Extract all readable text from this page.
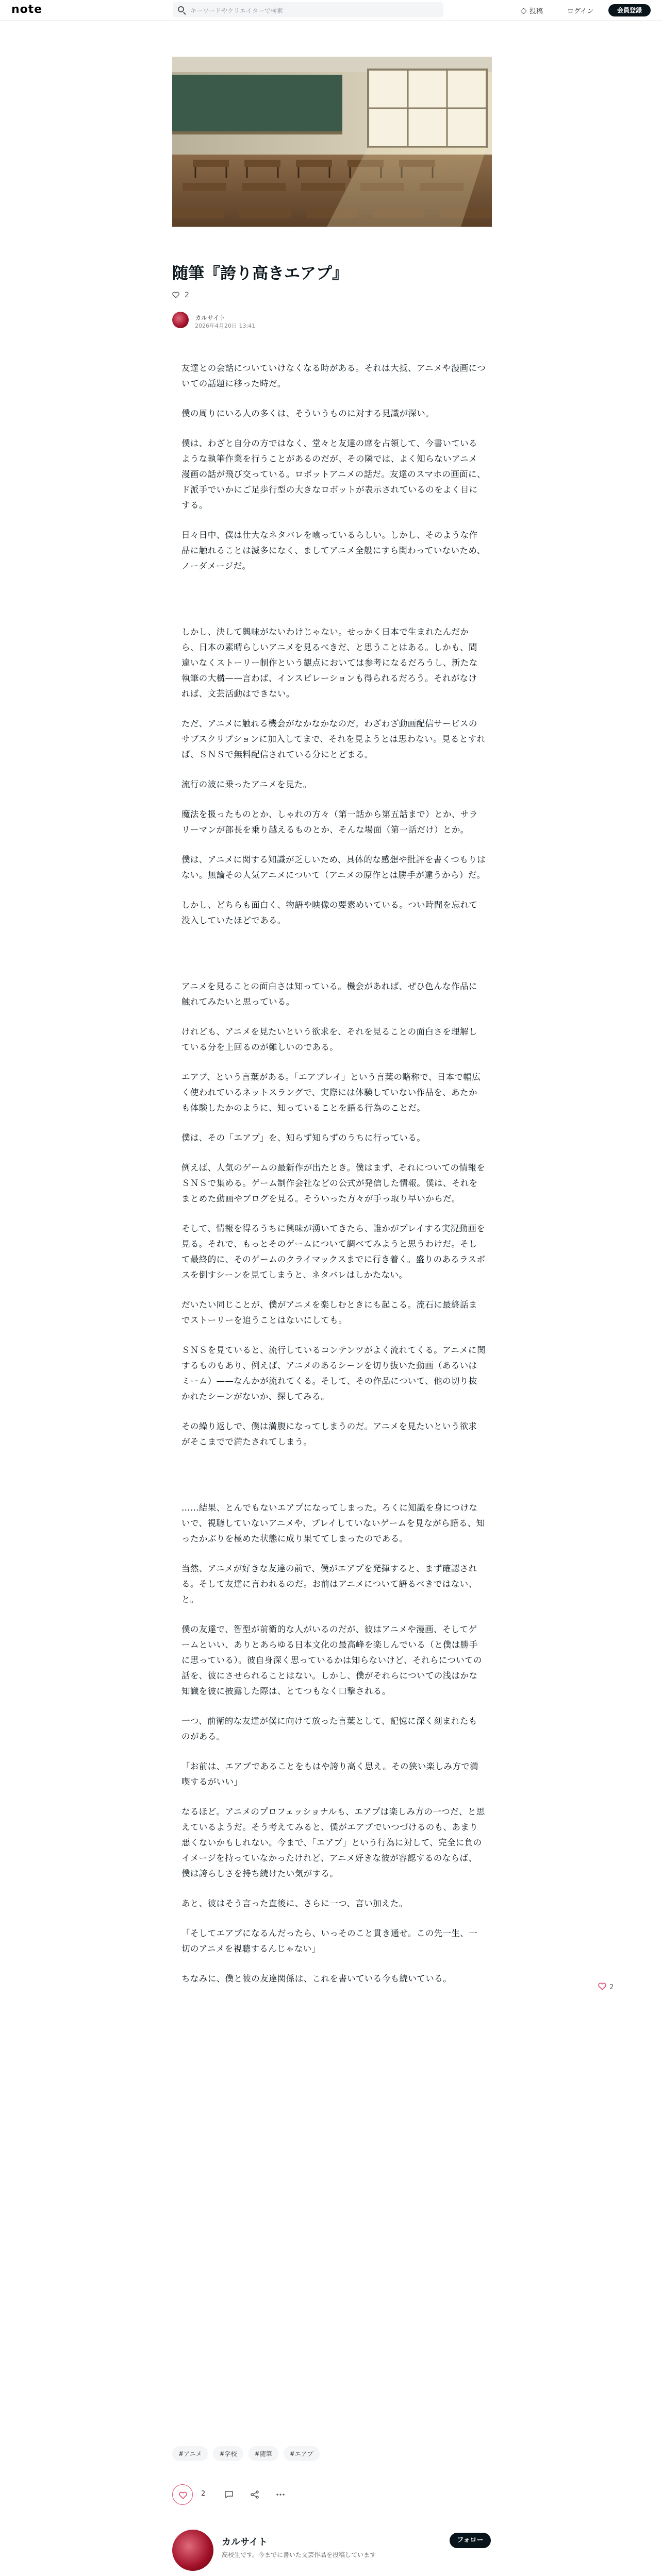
note	キーワードやクリエイターで検索	投稿	ログイン	会員登録
随筆『誇り高きエアプ』
2
カルサイト
2026年4月20日 13:41

友達との会話についていけなくなる時がある。それは大抵、アニメや漫画についての話題に移った時だ。

僕の周りにいる人の多くは、そういうものに対する見識が深い。

僕は、わざと自分の方ではなく、堂々と友達の席を占領して、今書いているような執筆作業を行うことがあるのだが、その隣では、よく知らないアニメ漫画の話が飛び交っている。ロボットアニメの話だ。友達のスマホの画面に、ド派手でいかにご足歩行型の大きなロボットが表示されているのをよく目にする。

日々日中、僕は仕大なネタバレを喰っているらしい。しかし、そのような作品に触れることは滅多になく、ましてアニメ全般にすら関わっていないため、ノーダメージだ。

しかし、決して興味がないわけじゃない。せっかく日本で生まれたんだから、日本の素晴らしいアニメを見るべきだ、と思うことはある。しかも、間違いなくストーリー制作という観点においては参考になるだろうし、新たな執筆の大構——言わば、インスピレーションも得られるだろう。それがなければ、文芸活動はできない。

ただ、アニメに触れる機会がなかなかなのだ。わざわざ動画配信サービスのサブスクリプションに加入してまで、それを見ようとは思わない。見るとすれば、ＳＮＳで無料配信されている分にとどまる。

流行の波に乗ったアニメを見た。

魔法を扱ったものとか、しゃれの方々（第一話から第五話まで）とか、サラリーマンが部長を乗り越えるものとか、そんな場面（第一話だけ）とか。

僕は、アニメに関する知識が乏しいため、具体的な感想や批評を書くつもりはない。無論その人気アニメについて（アニメの原作とは勝手が違うから）だ。

しかし、どちらも面白く、物語や映像の要素めいている。つい時間を忘れて没入していたほどである。

アニメを見ることの面白さは知っている。機会があれば、ぜひ色んな作品に触れてみたいと思っている。

けれども、アニメを見たいという欲求を、それを見ることの面白さを理解している分を上回るのが難しいのである。

エアプ、という言葉がある。「エアプレイ」という言葉の略称で、日本で幅広く使われているネットスラングで、実際には体験していない作品を、あたかも体験したかのように、知っていることを語る行為のことだ。

僕は、その「エアプ」を、知らず知らずのうちに行っている。

例えば、人気のゲームの最新作が出たとき。僕はまず、それについての情報をＳＮＳで集める。ゲーム制作会社などの公式が発信した情報。僕は、それをまとめた動画やブログを見る。そういった方々が手っ取り早いからだ。

そして、情報を得るうちに興味が湧いてきたら、誰かがプレイする実況動画を見る。それで、もっとそのゲームについて調べてみようと思うわけだ。そして最終的に、そのゲームのクライマックスまでに行き着く。盛りのあるラスボスを倒すシーンを見てしまうと、ネタバレはしかたない。

だいたい同じことが、僕がアニメを楽しむときにも起こる。流石に最終話までストーリーを追うことはないにしても。

ＳＮＳを見ていると、流行しているコンテンツがよく流れてくる。アニメに関するものもあり、例えば、アニメのあるシーンを切り抜いた動画（あるいはミーム）——なんかが流れてくる。そして、その作品について、他の切り抜かれたシーンがないか、探してみる。

その繰り返しで、僕は満腹になってしまうのだ。アニメを見たいという欲求がそこまでで満たされてしまう。

……結果、とんでもないエアプになってしまった。ろくに知識を身につけないで、視聴していないアニメや、プレイしていないゲームを見ながら語る、知ったかぶりを極めた状態に成り果ててしまったのである。

当然、アニメが好きな友達の前で、僕がエアプを発揮すると、まず確認される。そして友達に言われるのだ。お前はアニメについて語るべきではない、と。

僕の友達で、智型が前衛的な人がいるのだが、彼はアニメや漫画、そしてゲームといい、ありとあらゆる日本文化の最高峰を楽しんでいる（と僕は勝手に思っている）。彼自身深く思っているかは知らないけど、それらについての話を、彼にさせられることはない。しかし、僕がそれらについての浅はかな知識を彼に披露した際は、とてつもなく口撃される。

一つ、前衛的な友達が僕に向けて放った言葉として、記憶に深く刻まれたものがある。

「お前は、エアプであることをもはや誇り高く思え。その狭い楽しみ方で満喫するがいい」

なるほど。アニメのプロフェッショナルも、エアプは楽しみ方の一つだ、と思えているようだ。そう考えてみると、僕がエアプでいつづけるのも、あまり悪くないかもしれない。今まで、「エアプ」という行為に対して、完全に負のイメージを持っていなかったけれど、アニメ好きな彼が容認するのならば、僕は誇らしさを持ち続けたい気がする。

あと、彼はそう言った直後に、さらに一つ、言い加えた。

「そしてエアプになるんだったら、いっそのこと貫き通せ。この先一生、一切のアニメを視聴するんじゃない」

ちなみに、僕と彼の友達関係は、これを書いている今も続いている。

2
#アニメ	#学校	#随筆	#エアプ
2
カルサイト
高校生です。今までに書いた文芸作品を投稿しています
フォロー
